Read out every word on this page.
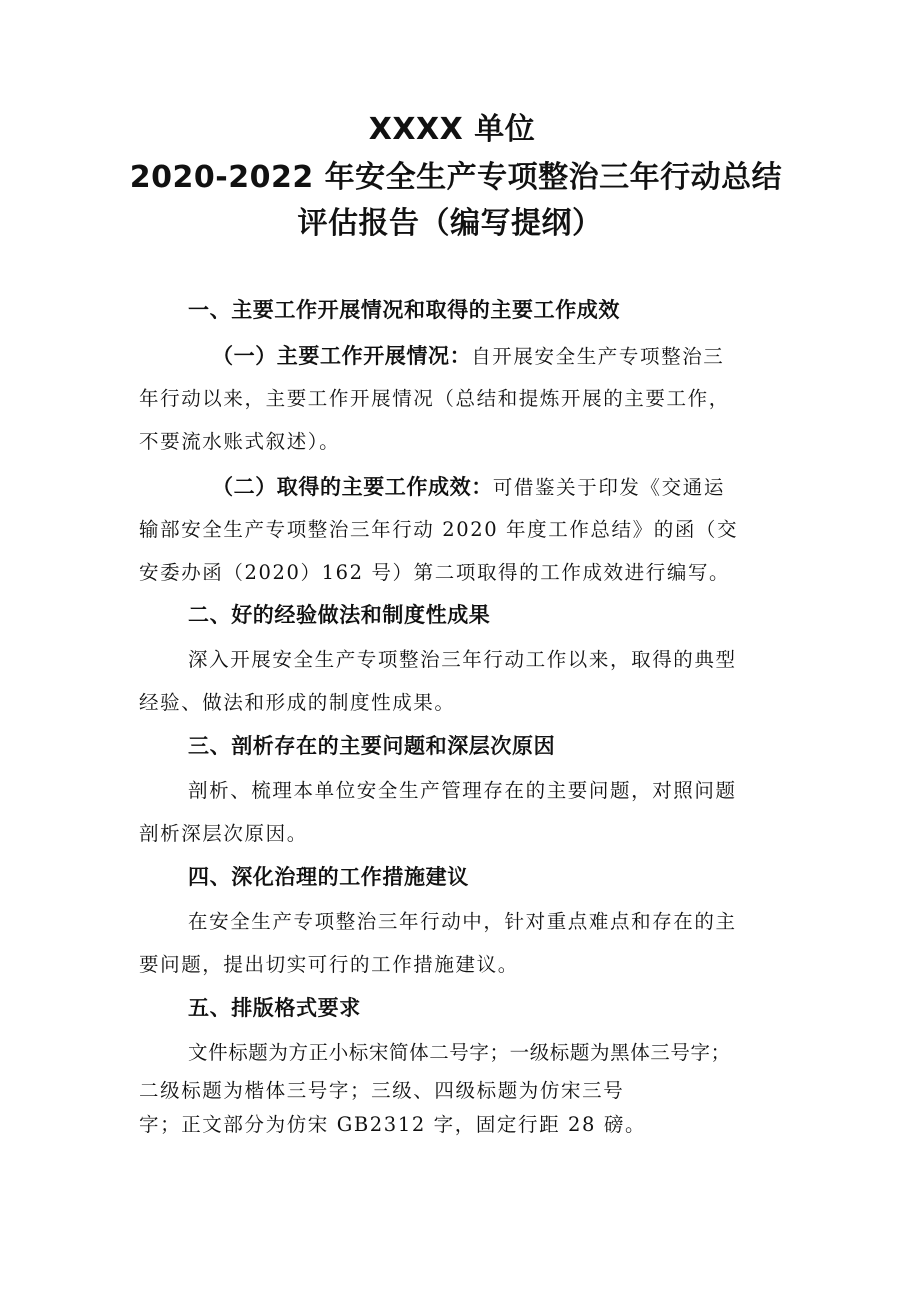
XXXX 单位
2020-2022 年安全生产专项整治三年行动总结
评估报告（编写提纲）
一、主要工作开展情况和取得的主要工作成效
（一）主要工作开展情况：自开展安全生产专项整治三
年行动以来，主要工作开展情况（总结和提炼开展的主要工作，
不要流水账式叙述）。
（二）取得的主要工作成效：可借鉴关于印发《交通运
输部安全生产专项整治三年行动 2020 年度工作总结》的函（交
安委办函（2020）162 号）第二项取得的工作成效进行编写。
二、好的经验做法和制度性成果
深入开展安全生产专项整治三年行动工作以来，取得的典型
经验、做法和形成的制度性成果。
三、剖析存在的主要问题和深层次原因
剖析、梳理本单位安全生产管理存在的主要问题，对照问题
剖析深层次原因。
四、深化治理的工作措施建议
在安全生产专项整治三年行动中，针对重点难点和存在的主
要问题，提出切实可行的工作措施建议。
五、排版格式要求
文件标题为方正小标宋简体二号字；一级标题为黑体三号字；
二级标题为楷体三号字；三级、四级标题为仿宋三号
字；正文部分为仿宋 GB2312 字，固定行距 28 磅。
